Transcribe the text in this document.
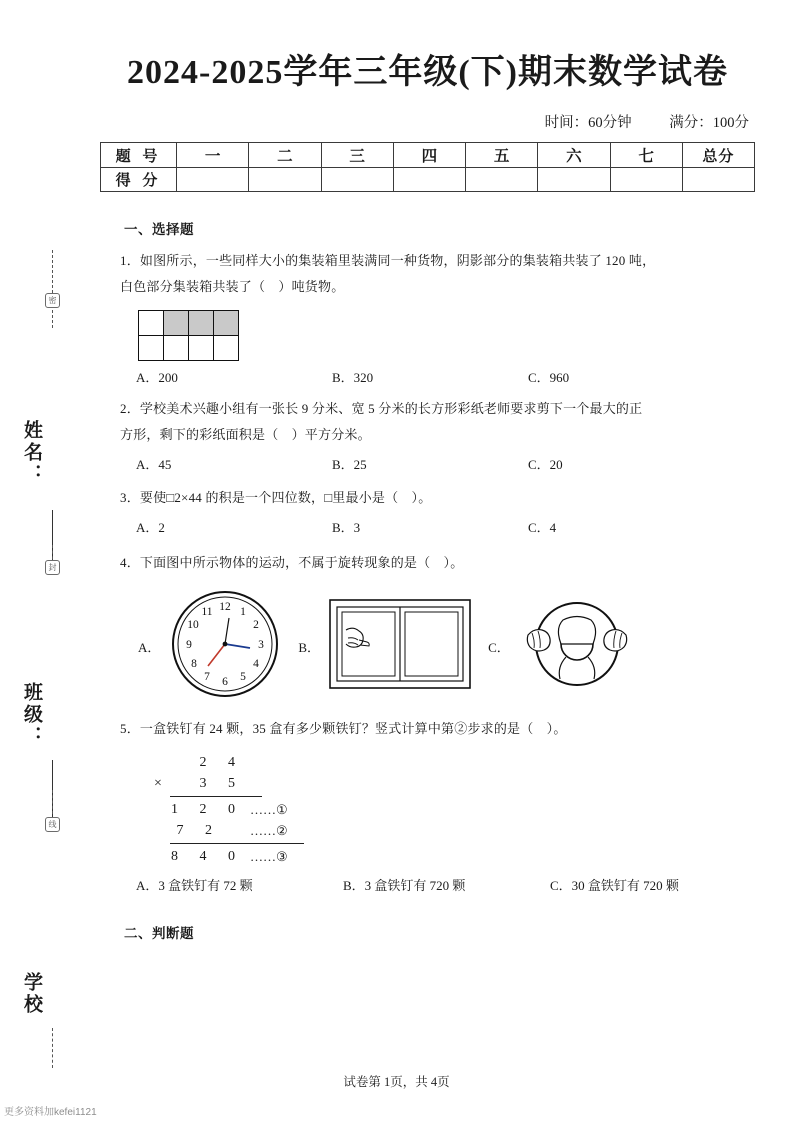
密
姓名：
封
班级：
线
学校
2024-2025学年三年级(下)期末数学试卷
时间：60分钟	满分：100分
题 号	一	二	三	四	五	六	七	总分
得 分								
一、选择题
1．如图所示，一些同样大小的集装箱里装满同一种货物，阴影部分的集装箱共装了 120 吨，
白色部分集装箱共装了（　）吨货物。

A．200	B．320	C．960
2．学校美术兴趣小组有一张长 9 分米、宽 5 分米的长方形彩纸老师要求剪下一个最大的正
方形，剩下的彩纸面积是（　）平方分米。
A．45	B．25	C．20
3．要使□2×44 的积是一个四位数，□里最小是（　）。
A．2	B．3	C．4
4．下面图中所示物体的运动，不属于旋转现象的是（　）。
A．
12 1
2
3
4
5
6
7
8
9
10
11
B．	C．
5．一盒铁钉有 24 颗，35 盒有多少颗铁钉？竖式计算中第②步求的是（　）。
2 4
×	3 5
1 2 0 ……①
7 2	……②
8 4 0 ……③
A．3 盒铁钉有 72 颗	B．3 盒铁钉有 720 颗	C．30 盒铁钉有 720 颗
二、判断题
试卷第 1页，共 4页
更多资料加kefei1121
